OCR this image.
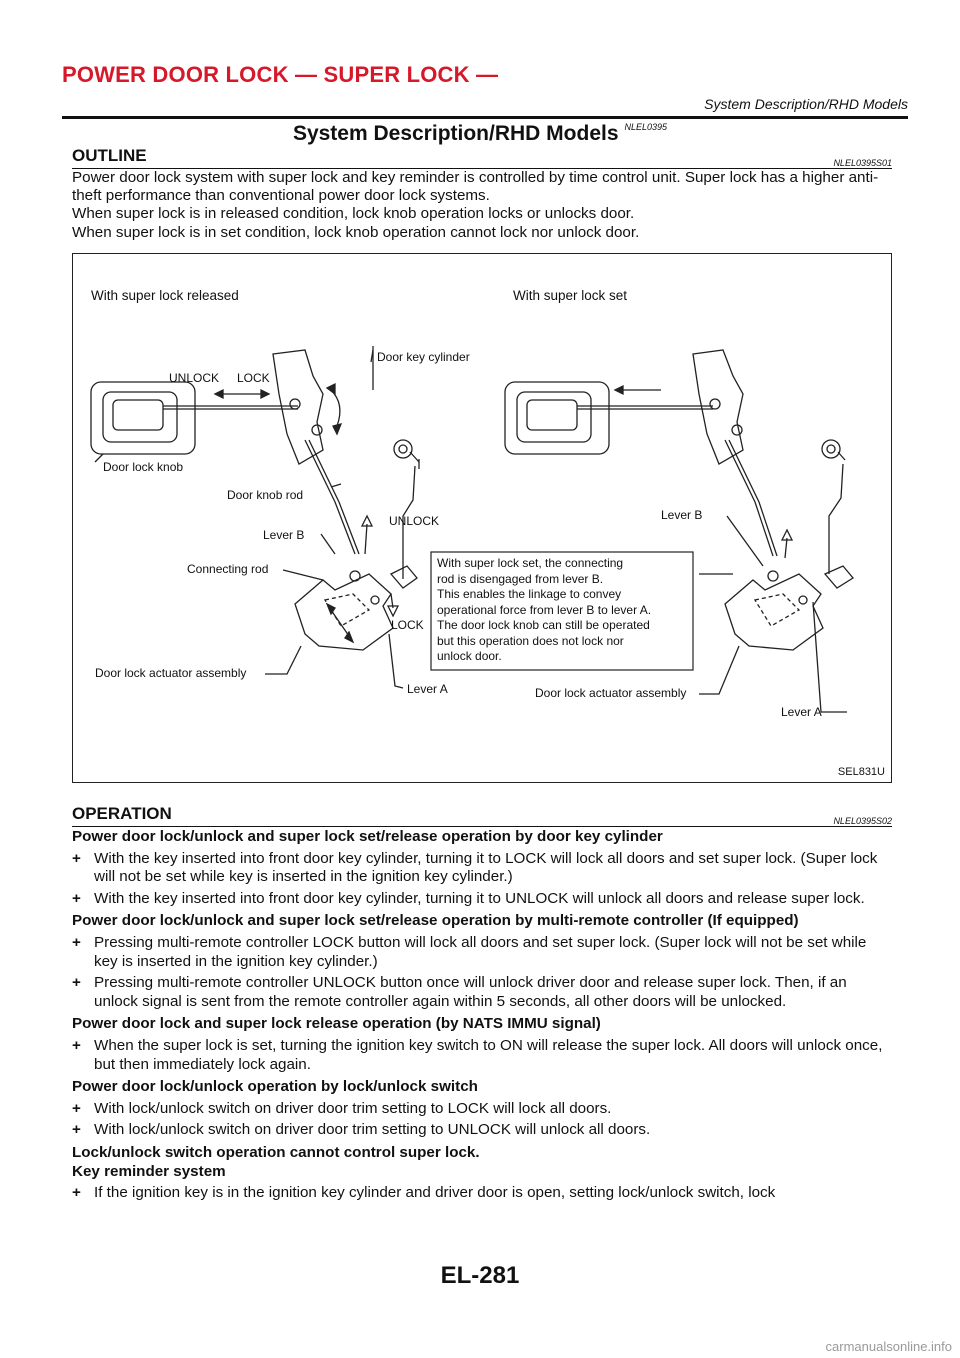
POWER DOOR LOCK — SUPER LOCK —
System Description/RHD Models
System Description/RHD Models $^{NLEL0395}$
OUTLINE	NLEL0395S01

Power door lock system with super lock and key reminder is controlled by time control unit. Super lock has a higher anti-theft performance than conventional power door lock systems.

When super lock is in released condition, lock knob operation locks or unlocks door.

When super lock is in set condition, lock knob operation cannot lock nor unlock door.

With super lock released	With super lock set
UNLOCK LOCK
Door key cylinder
Door lock knob
Door knob rod
Lever B
UNLOCK
Connecting rod
LOCK
Door lock actuator assembly
Lever A
Lever B
Door lock actuator assembly
Lever A
With super lock set, the connecting
rod is disengaged from lever B.
This enables the linkage to convey
operational force from lever B to lever A.
The door lock knob can still be operated
but this operation does not lock nor
unlock door.
SEL831U
OPERATION	NLEL0395S02
Power door lock/unlock and super lock set/release operation by door key cylinder
+ With the key inserted into front door key cylinder, turning it to LOCK will lock all doors and set super lock. (Super lock will not be set while key is inserted in the ignition key cylinder.)
+ With the key inserted into front door key cylinder, turning it to UNLOCK will unlock all doors and release super lock.
Power door lock/unlock and super lock set/release operation by multi-remote controller (If equipped)
+ Pressing multi-remote controller LOCK button will lock all doors and set super lock. (Super lock will not be set while key is inserted in the ignition key cylinder.)
+ Pressing multi-remote controller UNLOCK button once will unlock driver door and release super lock. Then, if an unlock signal is sent from the remote controller again within 5 seconds, all other doors will be unlocked.
Power door lock and super lock release operation (by NATS IMMU signal)
+ When the super lock is set, turning the ignition key switch to ON will release the super lock. All doors will unlock once, but then immediately lock again.
Power door lock/unlock operation by lock/unlock switch
+ With lock/unlock switch on driver door trim setting to LOCK will lock all doors.
+ With lock/unlock switch on driver door trim setting to UNLOCK will unlock all doors.
Lock/unlock switch operation cannot control super lock.
Key reminder system
+ If the ignition key is in the ignition key cylinder and driver door is open, setting lock/unlock switch, lock
EL-281
carmanualsonline.info
